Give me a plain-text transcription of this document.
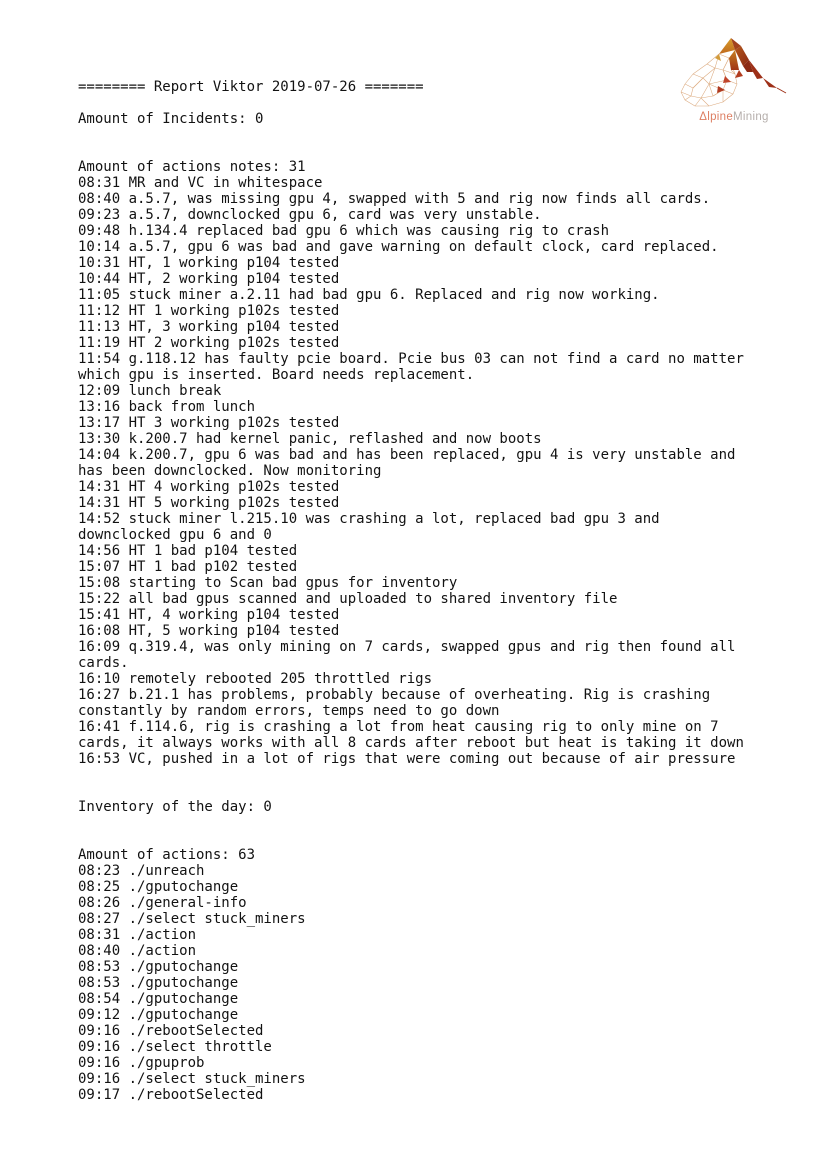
ΔlpineMining
======== Report Viktor 2019-07-26 =======
Amount of Incidents: 0
Amount of actions notes: 31
08:31 MR and VC in whitespace
08:40 a.5.7, was missing gpu 4, swapped with 5 and rig now finds all cards.
09:23 a.5.7, downclocked gpu 6, card was very unstable.
09:48 h.134.4 replaced bad gpu 6 which was causing rig to crash
10:14 a.5.7, gpu 6 was bad and gave warning on default clock, card replaced.
10:31 HT, 1 working p104 tested
10:44 HT, 2 working p104 tested
11:05 stuck miner a.2.11 had bad gpu 6. Replaced and rig now working.
11:12 HT 1 working p102s tested
11:13 HT, 3 working p104 tested
11:19 HT 2 working p102s tested
11:54 g.118.12 has faulty pcie board. Pcie bus 03 can not find a card no matter which gpu is inserted. Board needs replacement.
12:09 lunch break
13:16 back from lunch
13:17 HT 3 working p102s tested
13:30 k.200.7 had kernel panic, reflashed and now boots
14:04 k.200.7, gpu 6 was bad and has been replaced, gpu 4 is very unstable and has been downclocked. Now monitoring
14:31 HT 4 working p102s tested
14:31 HT 5 working p102s tested
14:52 stuck miner l.215.10 was crashing a lot, replaced bad gpu 3 and downclocked gpu 6 and 0
14:56 HT 1 bad p104 tested
15:07 HT 1 bad p102 tested
15:08 starting to Scan bad gpus for inventory
15:22 all bad gpus scanned and uploaded to shared inventory file
15:41 HT, 4 working p104 tested
16:08 HT, 5 working p104 tested
16:09 q.319.4, was only mining on 7 cards, swapped gpus and rig then found all cards.
16:10 remotely rebooted 205 throttled rigs
16:27 b.21.1 has problems, probably because of overheating. Rig is crashing constantly by random errors, temps need to go down
16:41 f.114.6, rig is crashing a lot from heat causing rig to only mine on 7 cards, it always works with all 8 cards after reboot but heat is taking it down
16:53 VC, pushed in a lot of rigs that were coming out because of air pressure
Inventory of the day: 0
Amount of actions: 63
08:23 ./unreach
08:25 ./gputochange
08:26 ./general-info
08:27 ./select stuck_miners
08:31 ./action
08:40 ./action
08:53 ./gputochange
08:53 ./gputochange
08:54 ./gputochange
09:12 ./gputochange
09:16 ./rebootSelected
09:16 ./select throttle
09:16 ./gpuprob
09:16 ./select stuck_miners
09:17 ./rebootSelected
